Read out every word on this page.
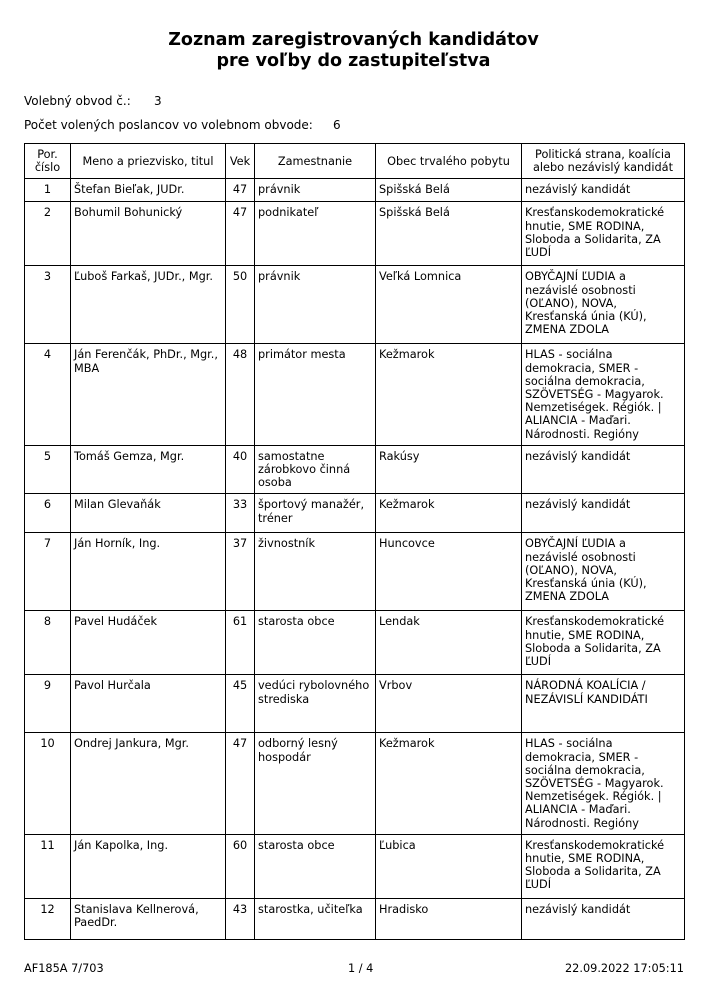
Zoznam zaregistrovaných kandidátov
pre voľby do zastupiteľstva
Volebný obvod č.: 3
Počet volených poslancov vo volebnom obvode: 6
Por. číslo	Meno a priezvisko, titul	Vek	Zamestnanie	Obec trvalého pobytu	Politická strana, koalícia alebo nezávislý kandidát
1	Štefan Bieľak, JUDr.	47	právnik	Spišská Belá	nezávislý kandidát
2	Bohumil Bohunický	47	podnikateľ	Spišská Belá	Kresťanskodemokratické hnutie, SME RODINA, Sloboda a Solidarita, ZA ĽUDÍ
3	Ľuboš Farkaš, JUDr., Mgr.	50	právnik	Veľká Lomnica	OBYČAJNÍ ĽUDIA a nezávislé osobnosti (OĽANO), NOVA, Kresťanská únia (KÚ), ZMENA ZDOLA
4	Ján Ferenčák, PhDr., Mgr., MBA	48	primátor mesta	Kežmarok	HLAS - sociálna demokracia, SMER - sociálna demokracia, SZÖVETSÉG - Magyarok. Nemzetiségek. Régiók. | ALIANCIA - Maďari. Národnosti. Regióny
5	Tomáš Gemza, Mgr.	40	samostatne zárobkovo činná osoba	Rakúsy	nezávislý kandidát
6	Milan Glevaňák	33	športový manažér, tréner	Kežmarok	nezávislý kandidát
7	Ján Horník, Ing.	37	živnostník	Huncovce	OBYČAJNÍ ĽUDIA a nezávislé osobnosti (OĽANO), NOVA, Kresťanská únia (KÚ), ZMENA ZDOLA
8	Pavel Hudáček	61	starosta obce	Lendak	Kresťanskodemokratické hnutie, SME RODINA, Sloboda a Solidarita, ZA ĽUDÍ
9	Pavol Hurčala	45	vedúci rybolovného strediska	Vrbov	NÁRODNÁ KOALÍCIA / NEZÁVISLÍ KANDIDÁTI
10	Ondrej Jankura, Mgr.	47	odborný lesný hospodár	Kežmarok	HLAS - sociálna demokracia, SMER - sociálna demokracia, SZÖVETSÉG - Magyarok. Nemzetiségek. Régiók. | ALIANCIA - Maďari. Národnosti. Regióny
11	Ján Kapolka, Ing.	60	starosta obce	Ľubica	Kresťanskodemokratické hnutie, SME RODINA, Sloboda a Solidarita, ZA ĽUDÍ
12	Stanislava Kellnerová, PaedDr.	43	starostka, učiteľka	Hradisko	nezávislý kandidát
AF185A 7/703	1 / 4	22.09.2022 17:05:11
